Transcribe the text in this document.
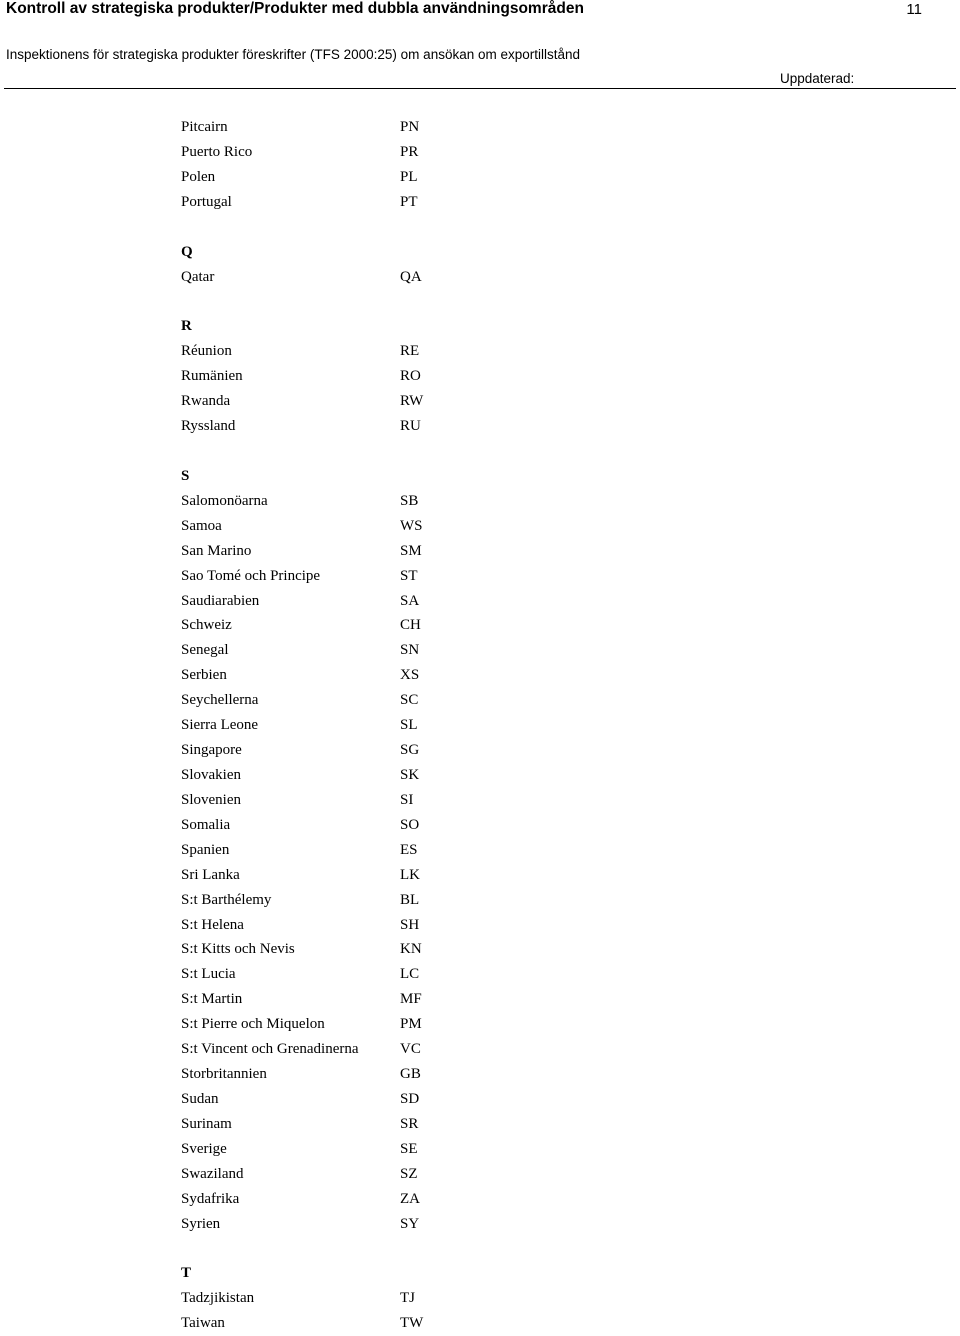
Kontroll av strategiska produkter/Produkter med dubbla användningsområden	11
Inspektionens för strategiska produkter föreskrifter (TFS 2000:25) om ansökan om exportillstånd
Uppdaterad:
Pitcairn	PN
Puerto Rico	PR
Polen	PL
Portugal	PT
Q
Qatar	QA
R
Réunion	RE
Rumänien	RO
Rwanda	RW
Ryssland	RU
S
Salomonöarna	SB
Samoa	WS
San Marino	SM
Sao Tomé och Principe	ST
Saudiarabien	SA
Schweiz	CH
Senegal	SN
Serbien	XS
Seychellerna	SC
Sierra Leone	SL
Singapore	SG
Slovakien	SK
Slovenien	SI
Somalia	SO
Spanien	ES
Sri Lanka	LK
S:t Barthélemy	BL
S:t Helena	SH
S:t Kitts och Nevis	KN
S:t Lucia	LC
S:t Martin	MF
S:t Pierre och Miquelon	PM
S:t Vincent och Grenadinerna	VC
Storbritannien	GB
Sudan	SD
Surinam	SR
Sverige	SE
Swaziland	SZ
Sydafrika	ZA
Syrien	SY
T
Tadzjikistan	TJ
Taiwan	TW
